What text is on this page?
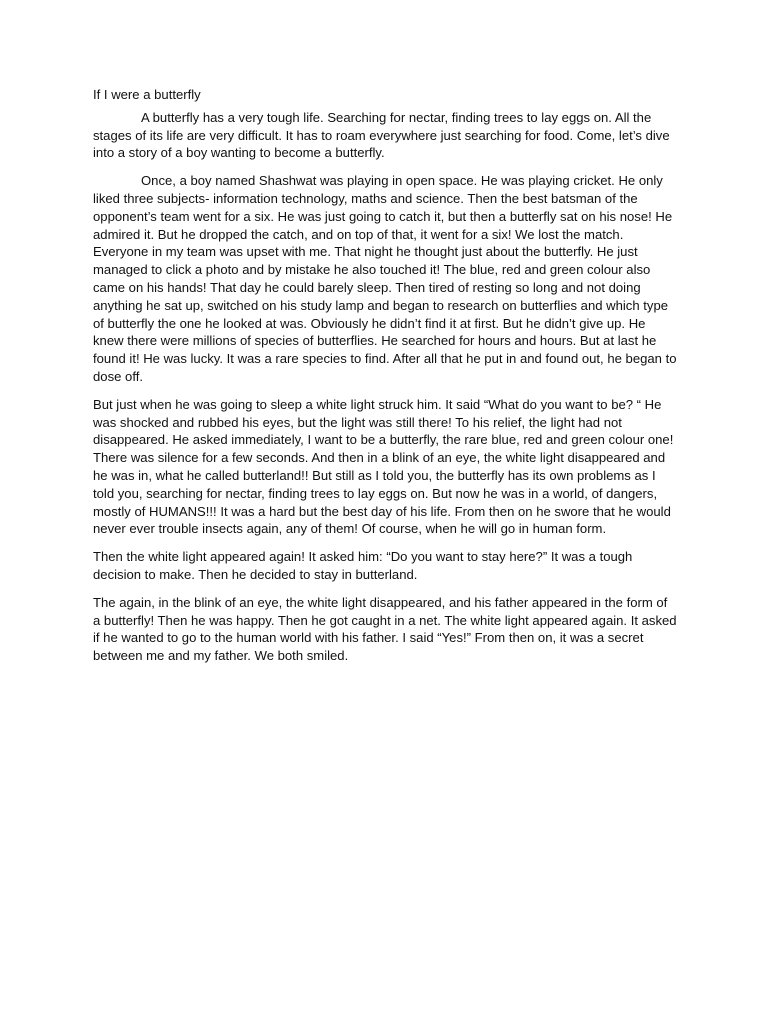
If I were a butterfly

A butterfly has a very tough life. Searching for nectar, finding trees to lay eggs on. All the stages of its life are very difficult. It has to roam everywhere just searching for food. Come, let’s dive into a story of a boy wanting to become a butterfly.

Once, a boy named Shashwat was playing in open space. He was playing cricket. He only liked three subjects- information technology, maths and science. Then the best batsman of the opponent’s team went for a six. He was just going to catch it, but then a butterfly sat on his nose! He admired it. But he dropped the catch, and on top of that, it went for a six! We lost the match. Everyone in my team was upset with me. That night he thought just about the butterfly. He just managed to click a photo and by mistake he also touched it! The blue, red and green colour also came on his hands! That day he could barely sleep. Then tired of resting so long and not doing anything he sat up, switched on his study lamp and began to research on butterflies and which type of butterfly the one he looked at was. Obviously he didn’t find it at first. But he didn’t give up. He knew there were millions of species of butterflies. He searched for hours and hours. But at last he found it! He was lucky. It was a rare species to find. After all that he put in and found out, he began to dose off.

But just when he was going to sleep a white light struck him. It said “What do you want to be? “ He was shocked and rubbed his eyes, but the light was still there! To his relief, the light had not disappeared. He asked immediately, I want to be a butterfly, the rare blue, red and green colour one! There was silence for a few seconds. And then in a blink of an eye, the white light disappeared and he was in, what he called butterland!! But still as I told you, the butterfly has its own problems as I told you, searching for nectar, finding trees to lay eggs on. But now he was in a world, of dangers, mostly of HUMANS!!! It was a hard but the best day of his life. From then on he swore that he would never ever trouble insects again, any of them! Of course, when he will go in human form.

Then the white light appeared again! It asked him: “Do you want to stay here?” It was a tough decision to make. Then he decided to stay in butterland.

The again, in the blink of an eye, the white light disappeared, and his father appeared in the form of a butterfly! Then he was happy. Then he got caught in a net. The white light appeared again. It asked if he wanted to go to the human world with his father. I said “Yes!” From then on, it was a secret between me and my father. We both smiled.
